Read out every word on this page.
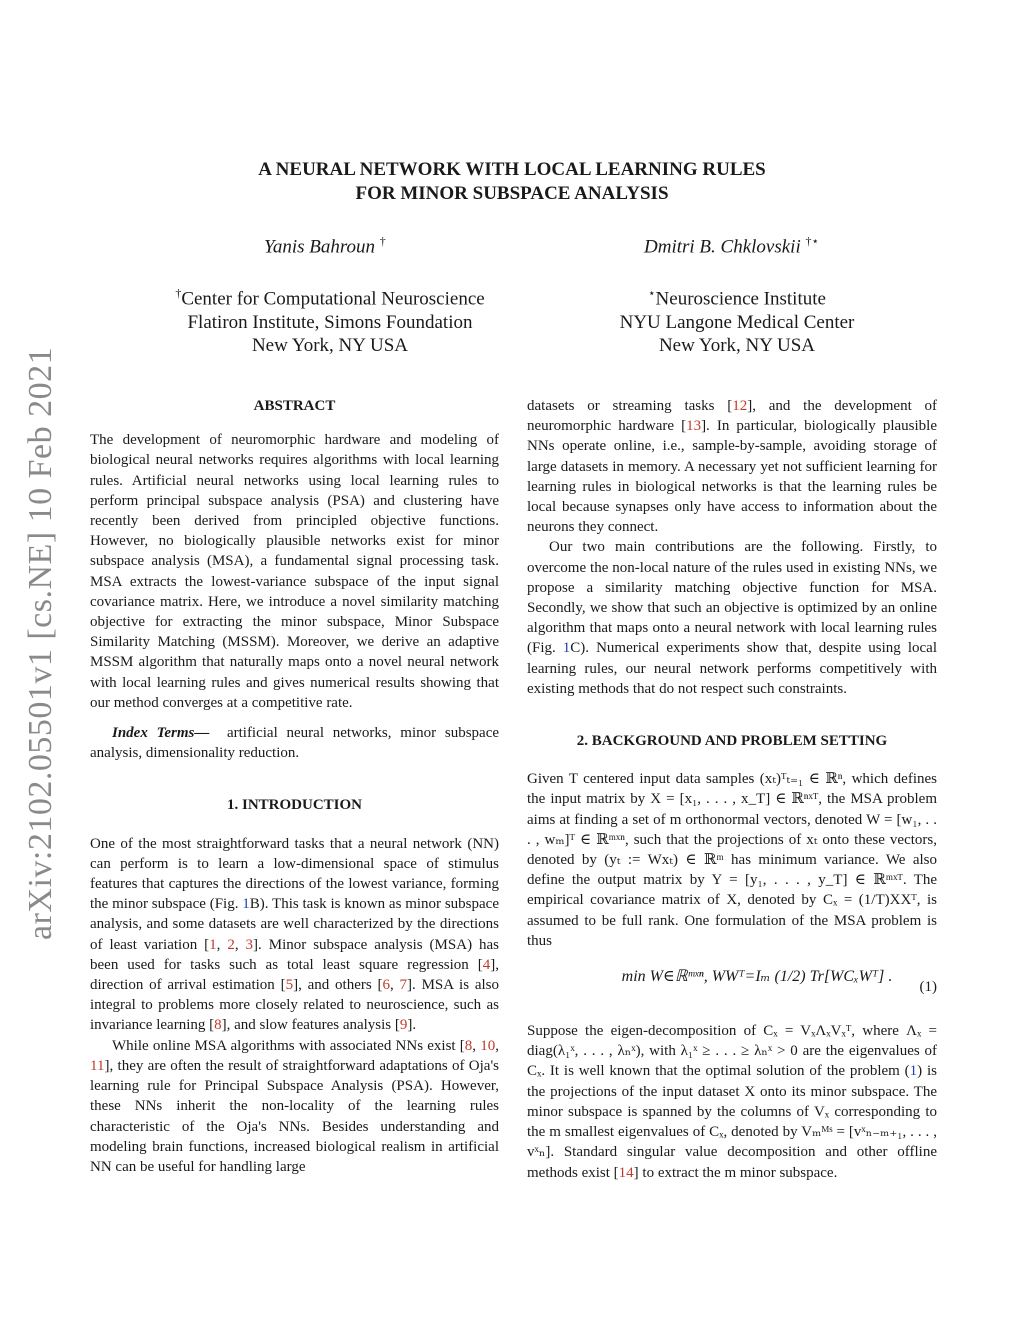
arXiv:2102.05501v1 [cs.NE] 10 Feb 2021
A NEURAL NETWORK WITH LOCAL LEARNING RULES
FOR MINOR SUBSPACE ANALYSIS
Yanis Bahroun †	Dmitri B. Chklovskii †⋆
†Center for Computational Neuroscience
Flatiron Institute, Simons Foundation
New York, NY USA
⋆Neuroscience Institute
NYU Langone Medical Center
New York, NY USA
ABSTRACT

The development of neuromorphic hardware and modeling of biological neural networks requires algorithms with local learning rules. Artificial neural networks using local learning rules to perform principal subspace analysis (PSA) and clustering have recently been derived from principled objective functions. However, no biologically plausible networks exist for minor subspace analysis (MSA), a fundamental signal processing task. MSA extracts the lowest-variance subspace of the input signal covariance matrix. Here, we introduce a novel similarity matching objective for extracting the minor subspace, Minor Subspace Similarity Matching (MSSM). Moreover, we derive an adaptive MSSM algorithm that naturally maps onto a novel neural network with local learning rules and gives numerical results showing that our method converges at a competitive rate.

Index Terms— artificial neural networks, minor subspace analysis, dimensionality reduction.

1. INTRODUCTION

One of the most straightforward tasks that a neural network (NN) can perform is to learn a low-dimensional space of stimulus features that captures the directions of the lowest variance, forming the minor subspace (Fig. 1B). This task is known as minor subspace analysis, and some datasets are well characterized by the directions of least variation [1, 2, 3]. Minor subspace analysis (MSA) has been used for tasks such as total least square regression [4], direction of arrival estimation [5], and others [6, 7]. MSA is also integral to problems more closely related to neuroscience, such as invariance learning [8], and slow features analysis [9].

While online MSA algorithms with associated NNs exist [8, 10, 11], they are often the result of straightforward adaptations of Oja's learning rule for Principal Subspace Analysis (PSA). However, these NNs inherit the non-locality of the learning rules characteristic of the Oja's NNs. Besides understanding and modeling brain functions, increased biological realism in artificial NN can be useful for handling large

datasets or streaming tasks [12], and the development of neuromorphic hardware [13]. In particular, biologically plausible NNs operate online, i.e., sample-by-sample, avoiding storage of large datasets in memory. A necessary yet not sufficient learning for learning rules in biological networks is that the learning rules be local because synapses only have access to information about the neurons they connect.

Our two main contributions are the following. Firstly, to overcome the non-local nature of the rules used in existing NNs, we propose a similarity matching objective function for MSA. Secondly, we show that such an objective is optimized by an online algorithm that maps onto a neural network with local learning rules (Fig. 1C). Numerical experiments show that, despite using local learning rules, our neural network performs competitively with existing methods that do not respect such constraints.

2. BACKGROUND AND PROBLEM SETTING

Given T centered input data samples (xₜ)ᵀₜ₌₁ ∈ ℝⁿ, which defines the input matrix by X = [x₁, . . . , x_T] ∈ ℝⁿˣᵀ, the MSA problem aims at finding a set of m orthonormal vectors, denoted W = [w₁, . . . , wₘ]ᵀ ∈ ℝᵐˣⁿ, such that the projections of xₜ onto these vectors, denoted by (yₜ := Wxₜ) ∈ ℝᵐ has minimum variance. We also define the output matrix by Y = [y₁, . . . , y_T] ∈ ℝᵐˣᵀ. The empirical covariance matrix of X, denoted by Cₓ = (1/T)XXᵀ, is assumed to be full rank. One formulation of the MSA problem is thus

min W∈ℝᵐˣⁿ, WWᵀ=Iₘ (1/2) Tr[WCₓWᵀ] .
(1)

Suppose the eigen-decomposition of Cₓ = VₓΛₓVₓᵀ, where Λₓ = diag(λ₁ˣ, . . . , λₙˣ), with λ₁ˣ ≥ . . . ≥ λₙˣ > 0 are the eigenvalues of Cₓ. It is well known that the optimal solution of the problem (1) is the projections of the input dataset X onto its minor subspace. The minor subspace is spanned by the columns of Vₓ corresponding to the m smallest eigenvalues of Cₓ, denoted by Vₘᴹˢ = [vˣₙ₋ₘ₊₁, . . . , vˣₙ]. Standard singular value decomposition and other offline methods exist [14] to extract the m minor subspace.
